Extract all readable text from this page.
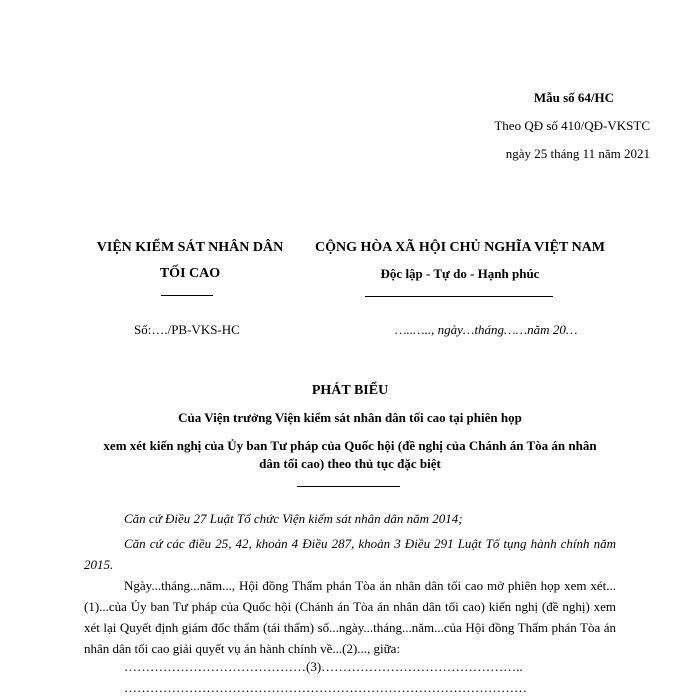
Mẫu số 64/HC
Theo QĐ số 410/QĐ-VKSTC
ngày 25 tháng 11 năm 2021
VIỆN KIỂM SÁT NHÂN DÂN
TỐI CAO
CỘNG HÒA XÃ HỘI CHỦ NGHĨA VIỆT NAM
Độc lập - Tự do - Hạnh phúc
Số:…./PB-VKS-HC	…..….., ngày…tháng……năm 20…
PHÁT BIỂU
Của Viện trưởng Viện kiểm sát nhân dân tối cao tại phiên họp
xem xét kiến nghị của Ủy ban Tư pháp của Quốc hội (đề nghị của Chánh án Tòa án nhân
dân tối cao) theo thủ tục đặc biệt
Căn cứ Điều 27 Luật Tổ chức Viện kiểm sát nhân dân năm 2014;
Căn cứ các điều 25, 42, khoản 4 Điều 287, khoản 3 Điều 291 Luật Tố tụng hành chính năm 2015.
Ngày...tháng...năm..., Hội đồng Thẩm phán Tòa án nhân dân tối cao mở phiên họp xem xét...(1)...của Ủy ban Tư pháp của Quốc hội (Chánh án Tòa án nhân dân tối cao) kiến nghị (đề nghị) xem xét lại Quyết định giám đốc thẩm (tái thẩm) số...ngày...tháng...năm...của Hội đồng Thẩm phán Tòa án nhân dân tối cao giải quyết vụ án hành chính về...(2)..., giữa:
……………………………………(3)………………………………………..
…………………………………………………………………………………
